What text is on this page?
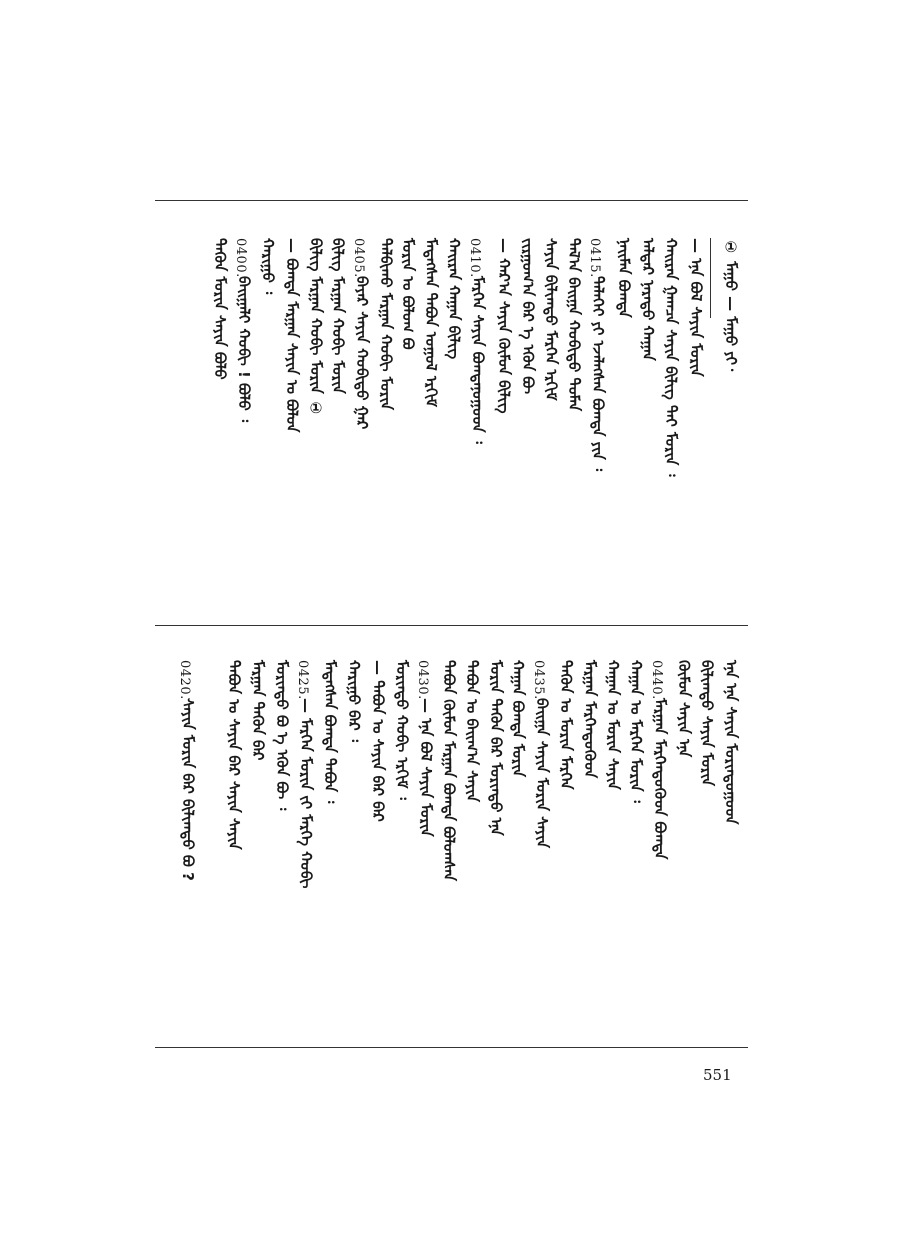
① ᠮᠠᠭᠤ — ᠮᠠᠭᠤ ᠶᠢ᠂
— ᠡᠨᠡ ᠪᠣᠯ ᠰᠠᠶᠢᠨ ᠮᠣᠷᠢᠨ
ᠬᠠᠢᠷᠠᠨ ᠭᠠᠭᠴᠠ ᠰᠠᠶᠢᠨ ᠪᠢᠯᠢᠭ ᠲᠡᠢ ᠮᠣᠷᠢᠨ ᠄
ᠠᠯᠳᠠᠷ ᠨᠡᠷᠡᠲᠦ ᠬᠠᠭᠠᠨ
ᠨᠠᠢᠮᠠᠨ ᠪᠣᠭᠳᠠ
0415.
ᠲᠡᠯᠡᠭᠡᠢ ᠶᠢ ᠡᠵᠡᠯᠡᠭᠰᠡᠨ ᠪᠣᠭᠳᠠ ᠶᠢᠨ ᠄
ᠲᠠᠯ᠎ᠠ ᠪᠠᠢᠭᠠ ᠬᠤᠪᠢᠲᠤ ᠲᠤᠮᠡᠨ
ᠰᠠᠶᠢᠨ ᠪᠢᠯᠢᠭᠲᠤ ᠮᠡᠷᠭᠡᠨ ᠡᠷᠬᠢᠮ
ᠵᠢᠷᠭᠤᠭ᠎ᠠ ᠪᠠᠷ ᠡ ᠡᠭᠦᠨ ᠪᠦ
— ᠬᠠᠷ᠎ᠠ ᠰᠠᠶᠢᠨ ᠬᠦᠮᠦᠨ ᠪᠢᠯᠢᠭ
0410.
ᠮᠡᠷᠭᠡᠨ ᠰᠠᠶᠢᠨ ᠪᠣᠭᠳᠠᠨᠤᠭᠤᠳ ᠄
ᠬᠠᠢᠷᠠᠨ ᠬᠠᠭᠠᠨ ᠪᠢᠯᠢᠭ
ᠮᠡᠳᠡᠭᠰᠡᠨ ᠲᠠᠪᠤᠨ ᠤᠭᠤᠯ ᠡᠷᠬᠢᠮ
ᠮᠣᠷᠢᠨ ᠤ ᠪᠣᠯᠤᠭ ᠪᠣ
ᠲᠠᠯᠪᠢᠬᠤ ᠮᠠᠷᠭᠠᠨ ᠬᠤᠪᠢ ᠮᠣᠷᠢᠨ
0405.
ᠪᠠᠶᠠᠷ ᠰᠠᠶᠢᠨ ᠬᠤᠪᠢᠲᠤ ᠭᠠᠷ
ᠪᠢᠯᠢᠭ ᠮᠠᠷᠭᠠᠨ ᠬᠤᠪᠢ ᠮᠣᠷᠢᠨ
ᠪᠢᠯᠢᠭ ᠮᠠᠷᠭᠠᠨ ᠬᠤᠪᠢ ᠮᠣᠷᠢᠨ ①
— ᠪᠣᠭᠳᠠ ᠮᠠᠷᠭᠠᠨ ᠰᠠᠶᠢᠨ ᠤ ᠪᠣᠯᠤᠨ
ᠬᠠᠷᠢᠭᠤ ᠄
0400.
ᠪᠠᠢᠭᠠᠯᠢ ᠬᠤᠪᠢ ! ᠪᠣᠯᠤ ᠄
ᠲᠡᠭᠦᠨ ᠮᠣᠷᠢᠨ ᠰᠠᠶᠢᠨ ᠪᠣᠯᠤ
ᠡᠨᠡ ᠡᠨᠡ ᠰᠠᠶᠢᠨ ᠮᠣᠷᠢᠨᠲᠤᠭᠤᠳ
ᠪᠢᠯᠢᠭᠲᠤ ᠰᠠᠶᠢᠨ ᠮᠣᠷᠢᠨ
ᠬᠦᠮᠦᠨ ᠰᠠᠶᠢᠨ ᠡᠨᠡ
0440.
ᠮᠠᠷᠭᠠᠨ ᠮᠡᠷᠭᠡᠨᠲᠦᠭᠦᠳ ᠪᠣᠭᠳᠠ
ᠬᠠᠭᠠᠨ ᠤ ᠮᠡᠷᠭᠡᠨ ᠮᠣᠷᠢᠨ ᠄
ᠬᠠᠭᠠᠨ ᠤ ᠮᠣᠷᠢᠨ ᠰᠠᠶᠢᠨ
ᠮᠠᠷᠭᠠᠨ ᠮᠡᠷᠭᠡᠨᠲᠦᠭᠦᠳ
ᠲᠡᠭᠦᠨ ᠤ ᠮᠣᠷᠢᠨ ᠮᠡᠷᠭᠡᠨ
0435.
ᠪᠠᠢᠭᠠ ᠰᠠᠶᠢᠨ ᠮᠣᠷᠢᠨ ᠰᠠᠶᠢᠨ
ᠬᠠᠭᠠᠨ ᠪᠣᠭᠳᠠ ᠮᠣᠷᠢᠨ
ᠮᠣᠷᠢᠨ ᠲᠡᠭᠦᠨ ᠪᠠᠷ ᠮᠣᠷᠢᠨᠲᠤ ᠡᠨᠡ
ᠲᠠᠪᠤᠨ ᠤ ᠪᠠᠢᠭ᠎ᠠ ᠰᠠᠶᠢᠨ
0430. ᠲᠠᠪᠤᠨ ᠬᠦᠮᠦᠨ ᠮᠠᠷᠭᠠᠨ ᠪᠣᠭᠳᠠ ᠪᠣᠯᠤᠭᠰᠠᠨ
— ᠡᠨᠡ ᠪᠣᠯ ᠰᠠᠶᠢᠨ ᠮᠣᠷᠢᠨ
ᠮᠣᠷᠢᠨᠲᠤ ᠬᠤᠪᠢ ᠡᠷᠬᠢᠮ ᠄
— ᠲᠠᠪᠤᠨ ᠤ ᠰᠠᠶᠢᠨ ᠪᠠᠷ ᠪᠠᠷ
ᠬᠠᠷᠢᠭᠤ ᠪᠠᠷ ᠄
0425. ᠮᠡᠳᠡᠭᠰᠡᠨ ᠪᠣᠭᠳᠠ ᠲᠠᠪᠤᠨ ᠄
— ᠮᠡᠷᠭᠡᠨ ᠮᠣᠷᠢᠨ ᠵᠢ ᠮᠡᠷᠭᠡ ᠬᠤᠪᠢ
ᠮᠣᠷᠢᠨᠲᠤ ᠪᠣ ᠡ ᠡᠭᠦᠨ ᠪᠦ ᠄
ᠮᠠᠷᠭᠠᠨ ᠲᠡᠭᠦᠨ ᠪᠠᠷ
ᠲᠠᠪᠤᠨ ᠤ ᠰᠠᠶᠢᠨ ᠪᠠᠷ ᠰᠠᠶᠢᠨ ᠰᠠᠶᠢᠨ
0420.
ᠰᠠᠶᠢᠨ ᠮᠣᠷᠢᠨ ᠪᠠᠷ ᠪᠢᠯᠢᠭᠲᠤ ᠪᠣ ?
551
